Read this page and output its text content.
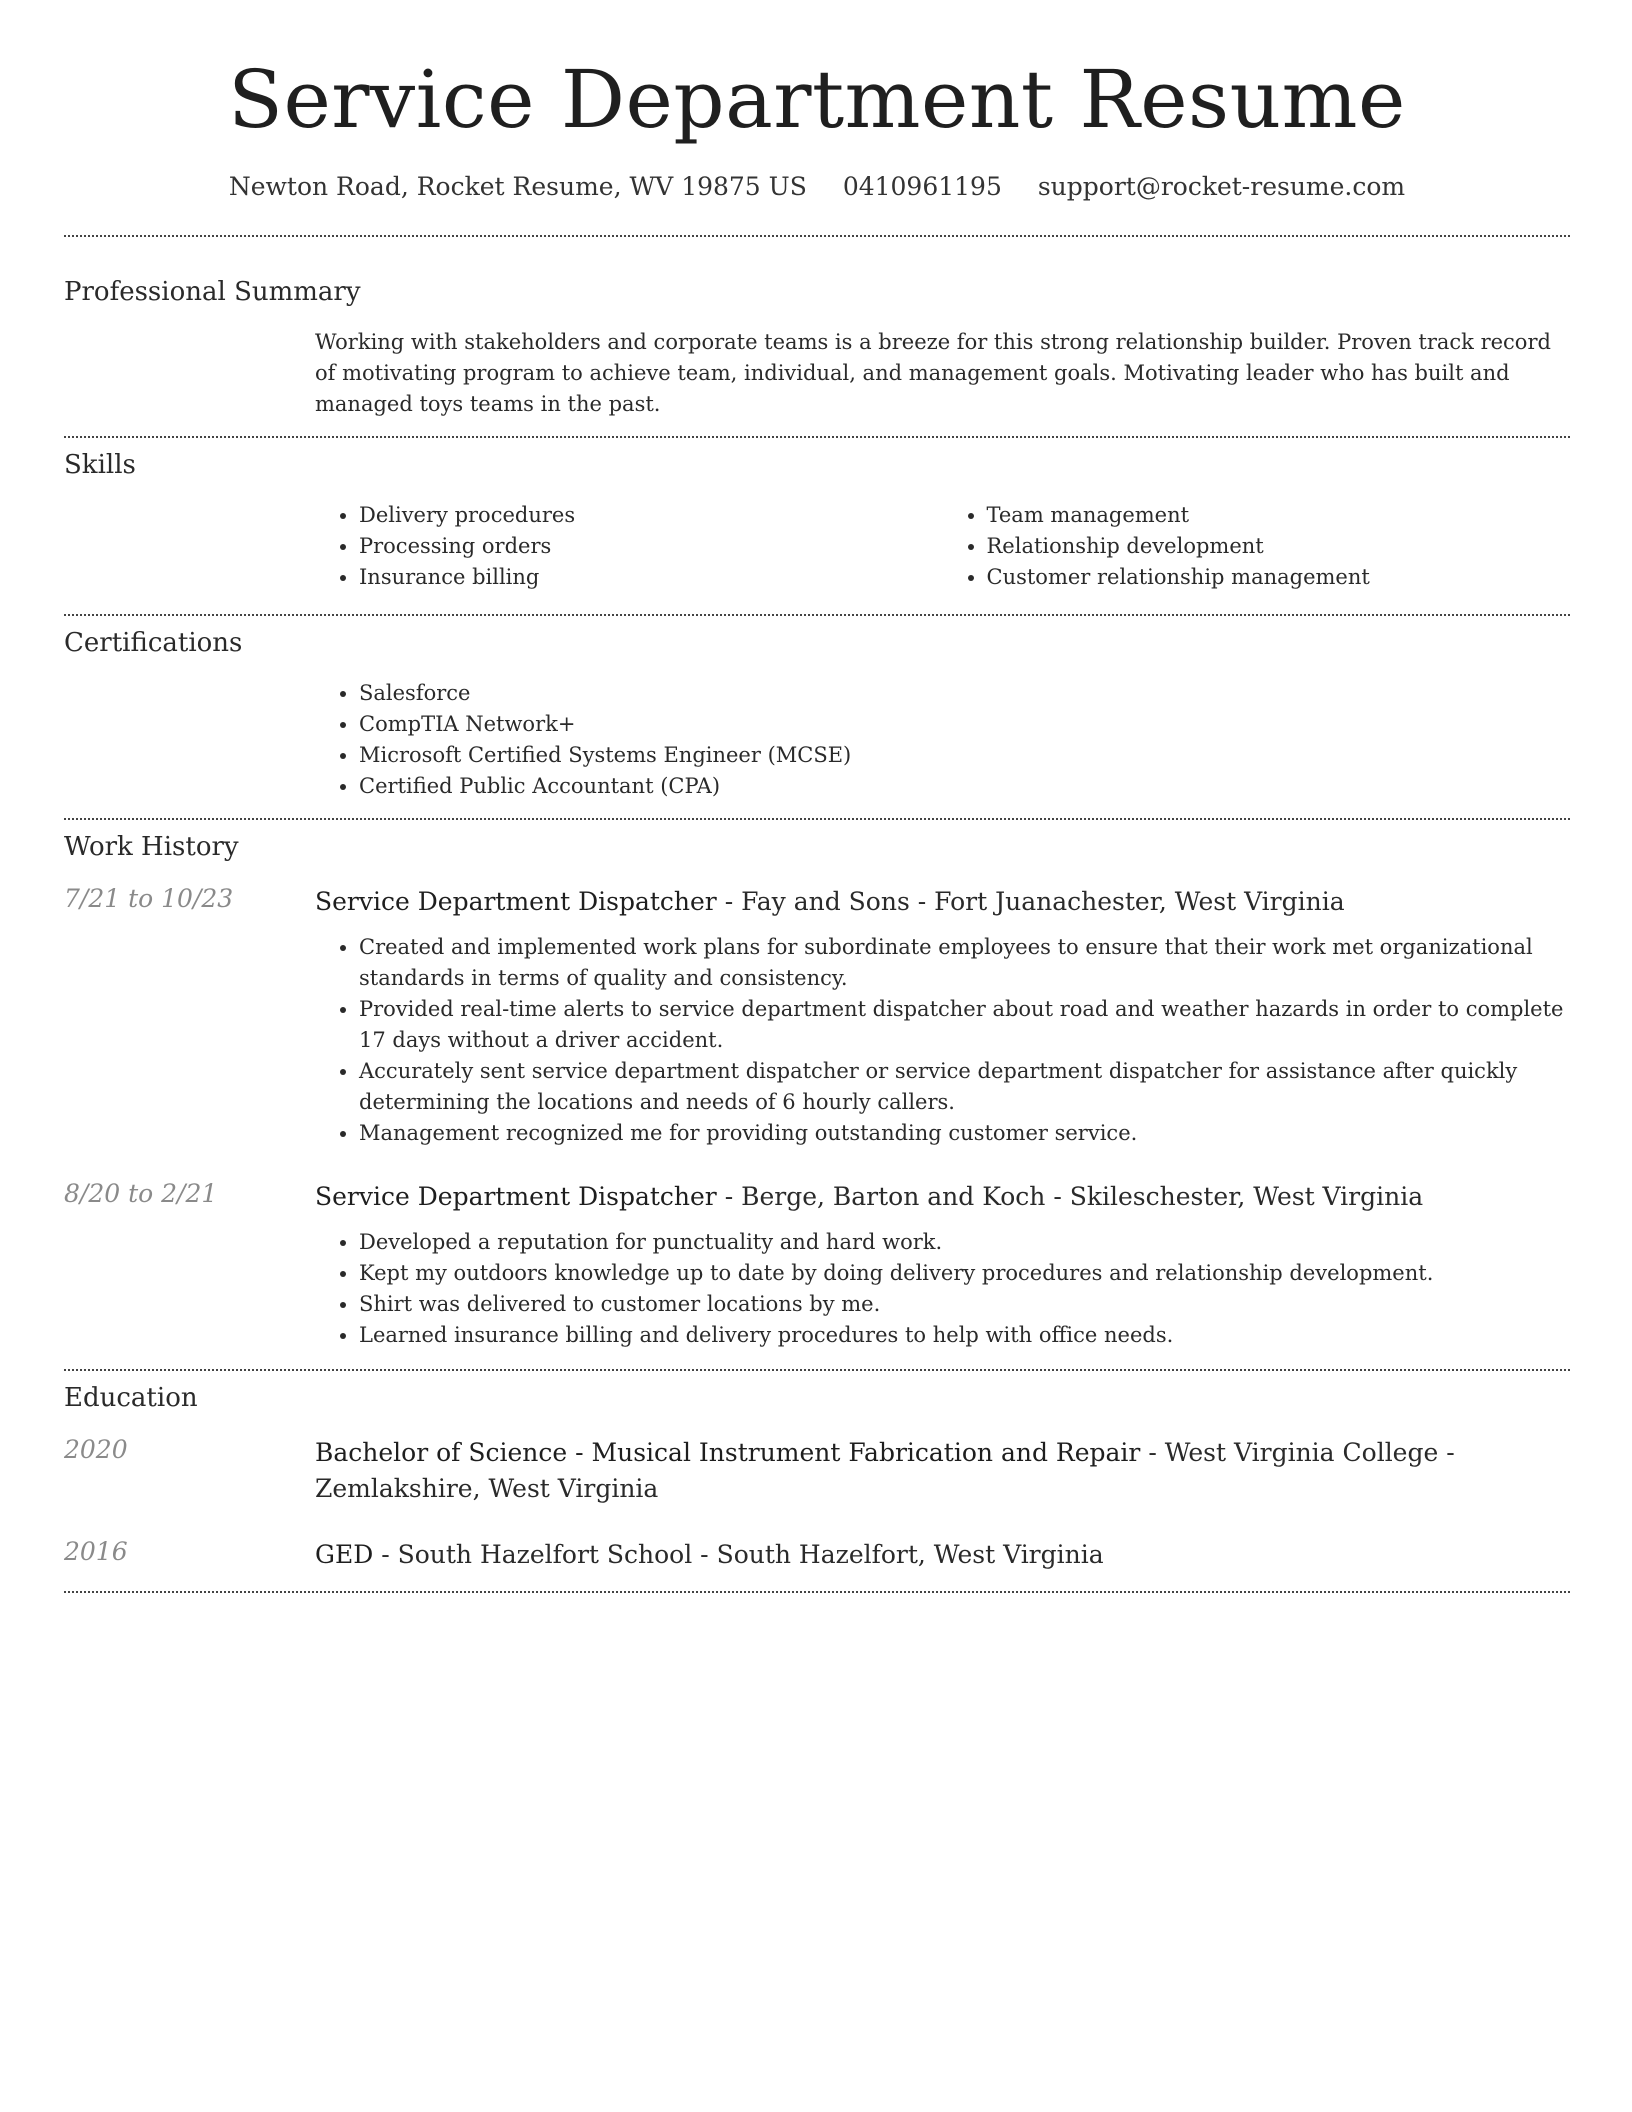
Service Department Resume
Newton Road, Rocket Resume, WV 19875 US 0410961195 support@rocket-resume.com
Professional Summary
Working with stakeholders and corporate teams is a breeze for this strong relationship builder. Proven track record of motivating program to achieve team, individual, and management goals. Motivating leader who has built and managed toys teams in the past.
Skills
• Delivery procedures
• Processing orders
• Insurance billing
• Team management
• Relationship development
• Customer relationship management
Certifications
• Salesforce
• CompTIA Network+
• Microsoft Certified Systems Engineer (MCSE)
• Certified Public Accountant (CPA)
Work History
7/21 to 10/23	Service Department Dispatcher - Fay and Sons - Fort Juanachester, West Virginia
• Created and implemented work plans for subordinate employees to ensure that their work met organizational standards in terms of quality and consistency.
• Provided real-time alerts to service department dispatcher about road and weather hazards in order to complete 17 days without a driver accident.
• Accurately sent service department dispatcher or service department dispatcher for assistance after quickly determining the locations and needs of 6 hourly callers.
• Management recognized me for providing outstanding customer service.
8/20 to 2/21	Service Department Dispatcher - Berge, Barton and Koch - Skileschester, West Virginia
• Developed a reputation for punctuality and hard work.
• Kept my outdoors knowledge up to date by doing delivery procedures and relationship development.
• Shirt was delivered to customer locations by me.
• Learned insurance billing and delivery procedures to help with office needs.
Education
2020	Bachelor of Science - Musical Instrument Fabrication and Repair - West Virginia College - Zemlakshire, West Virginia
2016	GED - South Hazelfort School - South Hazelfort, West Virginia
